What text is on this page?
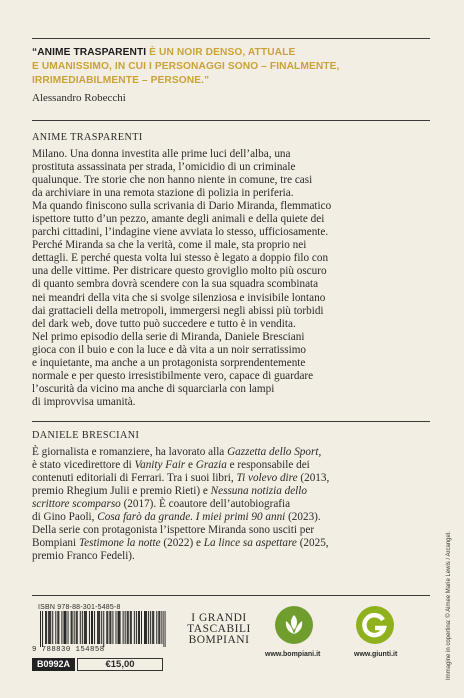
“ANIME TRASPARENTI È UN NOIR DENSO, ATTUALE
E UMANISSIMO, IN CUI I PERSONAGGI SONO – FINALMENTE,
IRRIMEDIABILMENTE – PERSONE.”
Alessandro Robecchi
ANIME TRASPARENTI
Milano. Una donna investita alle prime luci dell’alba, una
prostituta assassinata per strada, l’omicidio di un criminale
qualunque. Tre storie che non hanno niente in comune, tre casi
da archiviare in una remota stazione di polizia in periferia.
Ma quando finiscono sulla scrivania di Dario Miranda, flemmatico
ispettore tutto d’un pezzo, amante degli animali e della quiete dei
parchi cittadini, l’indagine viene avviata lo stesso, ufficiosamente.
Perché Miranda sa che la verità, come il male, sta proprio nei
dettagli. E perché questa volta lui stesso è legato a doppio filo con
una delle vittime. Per districare questo groviglio molto più oscuro
di quanto sembra dovrà scendere con la sua squadra scombinata
nei meandri della vita che si svolge silenziosa e invisibile lontano
dai grattacieli della metropoli, immergersi negli abissi più torbidi
del dark web, dove tutto può succedere e tutto è in vendita.
Nel primo episodio della serie di Miranda, Daniele Bresciani
gioca con il buio e con la luce e dà vita a un noir serratissimo
e inquietante, ma anche a un protagonista sorprendentemente
normale e per questo irresistibilmente vero, capace di guardare
l’oscurità da vicino ma anche di squarciarla con lampi
di improvvisa umanità.
DANIELE BRESCIANI
È giornalista e romanziere, ha lavorato alla Gazzetta dello Sport,
è stato vicedirettore di Vanity Fair e Grazia e responsabile dei
contenuti editoriali di Ferrari. Tra i suoi libri, Ti volevo dire (2013,
premio Rhegium Julii e premio Rieti) e Nessuna notizia dello
scrittore scomparso (2017). È coautore dell’autobiografia
di Gino Paoli, Cosa farò da grande. I miei primi 90 anni (2023).
Della serie con protagonista l’ispettore Miranda sono usciti per
Bompiani Testimone la notte (2022) e La lince sa aspettare (2025,
premio Franco Fedeli).
ISBN 978-88-301-5485-8
9 788830 154858
B0992A	€15,00
I GRANDI
TASCABILI
BOMPIANI
www.bompiani.it	www.giunti.it	Immagine in copertina: © Aimee Marie Lewis / Arcangel.
